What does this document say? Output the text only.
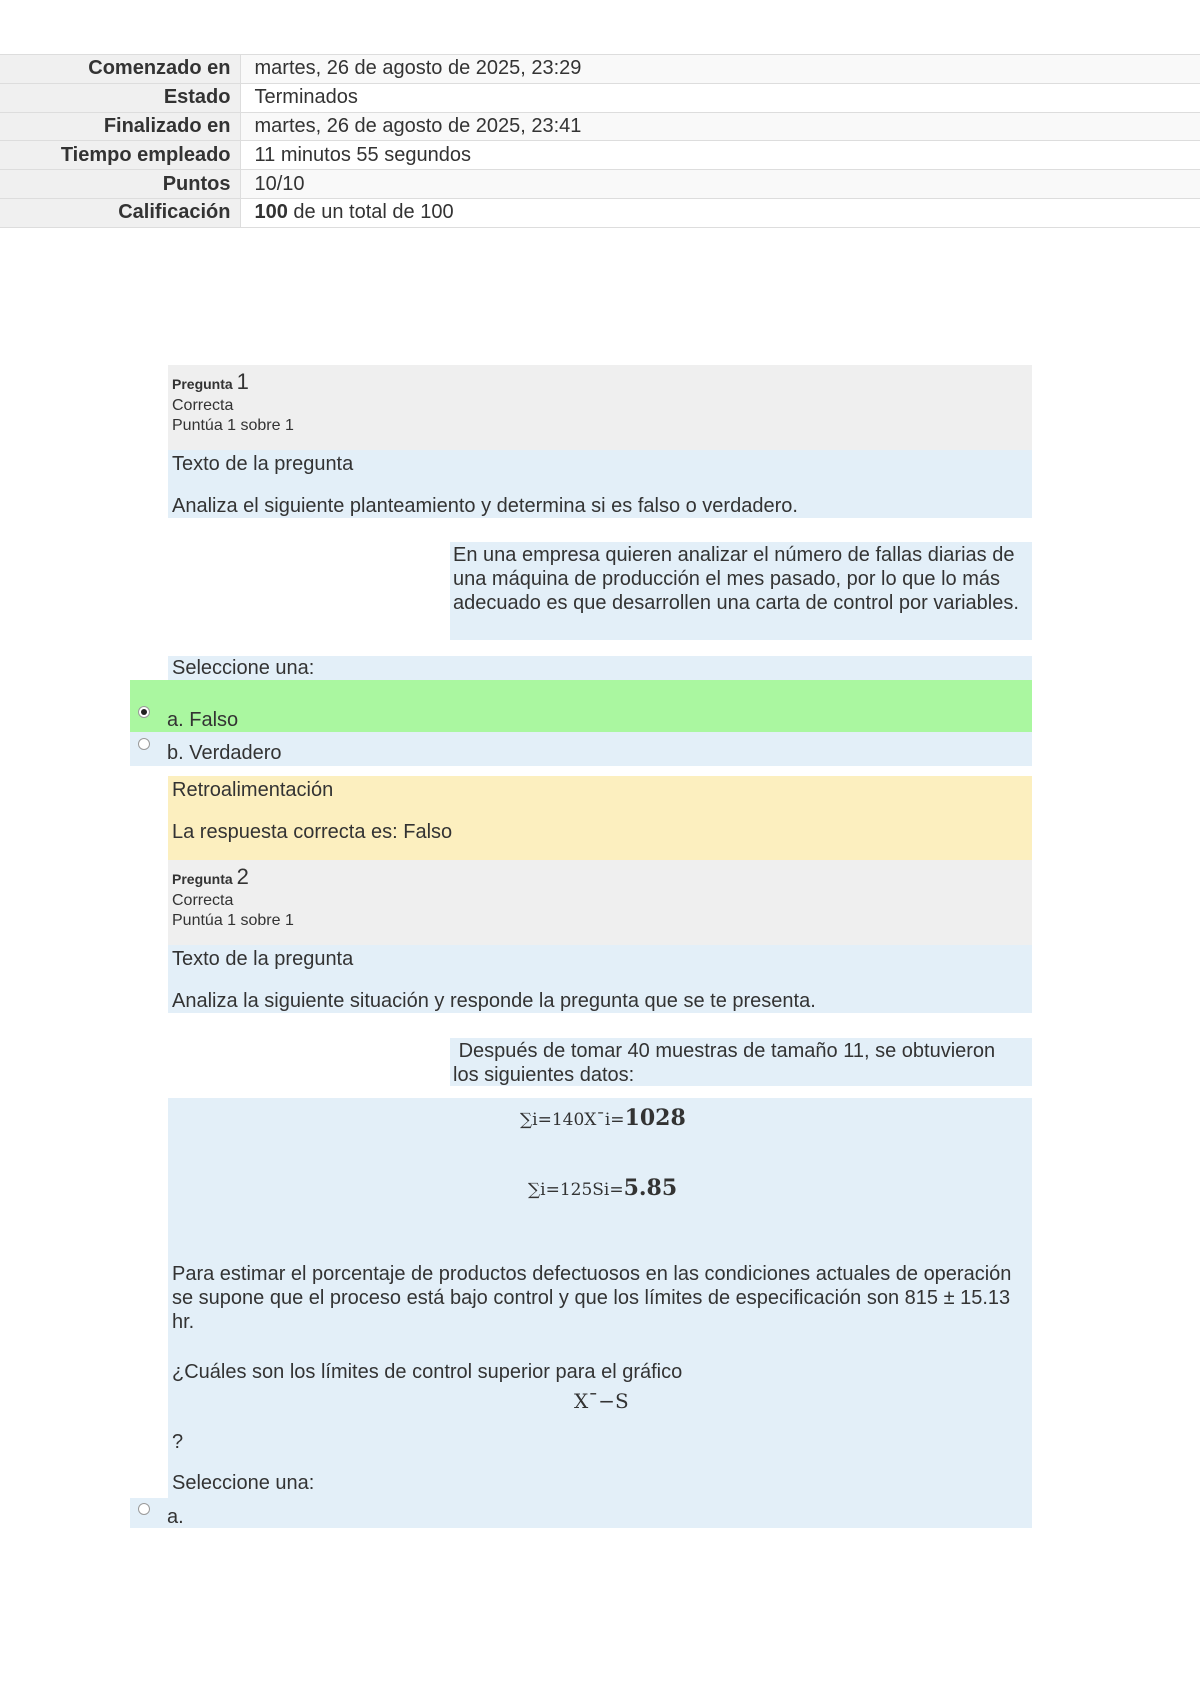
Comenzado en	martes, 26 de agosto de 2025, 23:29
Estado	Terminados
Finalizado en	martes, 26 de agosto de 2025, 23:41
Tiempo empleado	11 minutos 55 segundos
Puntos	10/10
Calificación	100 de un total de 100
Pregunta 1
Correcta
Puntúa 1 sobre 1
Texto de la pregunta
Analiza el siguiente planteamiento y determina si es falso o verdadero.
En una empresa quieren analizar el número de fallas diarias de una máquina de producción el mes pasado, por lo que lo más adecuado es que desarrollen una carta de control por variables.
Seleccione una:
a. Falso
b. Verdadero
Retroalimentación
La respuesta correcta es: Falso
Pregunta 2
Correcta
Puntúa 1 sobre 1
Texto de la pregunta
Analiza la siguiente situación y responde la pregunta que se te presenta.
Después de tomar 40 muestras de tamaño 11, se obtuvieron los siguientes datos:
∑i=140X¯i=1028
∑i=125Si=5.85
Para estimar el porcentaje de productos defectuosos en las condiciones actuales de operación se supone que el proceso está bajo control y que los límites de especificación son 815 ± 15.13 hr.
¿Cuáles son los límites de control superior para el gráfico
X¯−S
?
Seleccione una:
a.
